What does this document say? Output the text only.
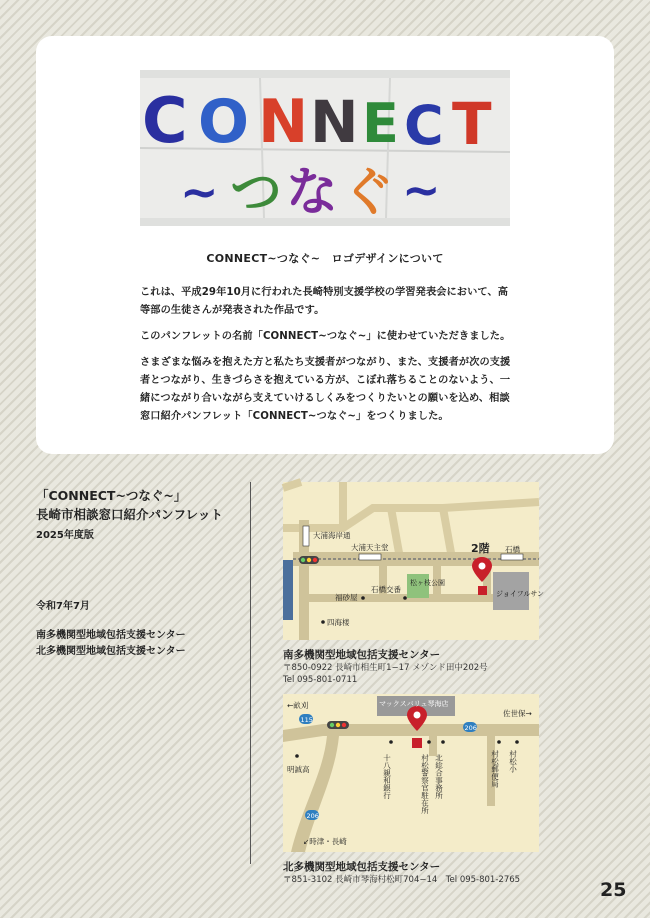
C O N N E C T
~ つ な ぐ ~
CONNECT~つなぐ~　ロゴデザインについて

これは、平成29年10月に行われた長崎特別支援学校の学習発表会において、高等部の生徒さんが発表された作品です。

このパンフレットの名前「CONNECT~つなぐ~」に使わせていただきました。

さまざまな悩みを抱えた方と私たち支援者がつながり、また、支援者が次の支援者とつながり、生きづらさを抱えている方が、こぼれ落ちることのないよう、一緒につながり合いながら支えていけるしくみをつくりたいとの願いを込め、相談窓口紹介パンフレット「CONNECT~つなぐ~」をつくりました。

「CONNECT~つなぐ~」
長崎市相談窓口紹介パンフレット
2025年度版
令和7年7月
南多機関型地域包括支援センター
北多機関型地域包括支援センター
大浦海岸通
大浦天主堂	2階 石橋
福砂屋
石橋交番
松ヶ枝公園
ジョイフルサン
四海楼
南多機関型地域包括支援センター
〒850-0922 長崎市相生町1−17 メゾンド田中202号
Tel 095-801-0711
115
206
206
←畝刈	マックスバリュ琴海店
佐世保→
明誠高
↙時津・長崎
十八親和銀行	村松警察官駐在所 北総合事務所	村松郵便局 村松小
北多機関型地域包括支援センター
〒851-3102 長崎市琴海村松町704−14　Tel 095-801-2765	25
